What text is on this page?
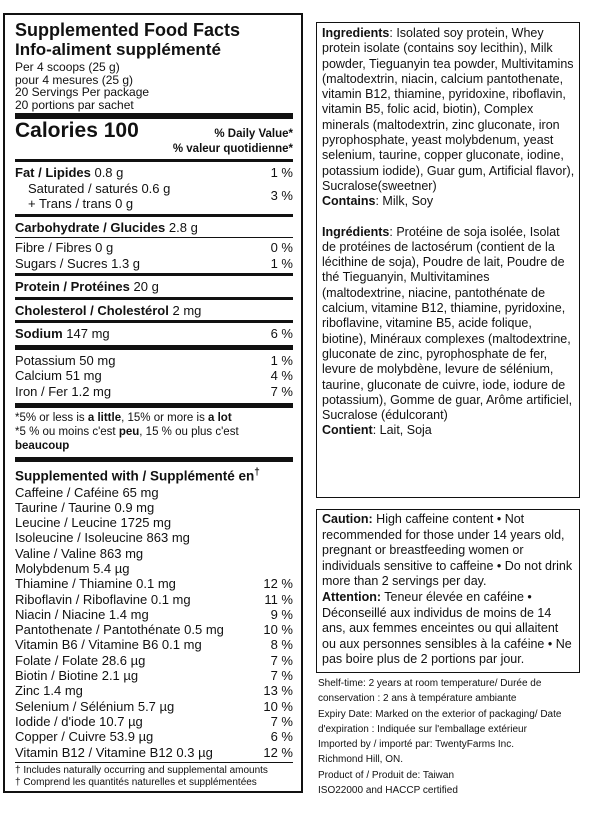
Supplemented Food Facts
Info-aliment supplémenté
Per 4 scoops (25 g)
pour 4 mesures (25 g)
20 Servings Per package
20 portions par sachet
Calories 100	% Daily Value*
% valeur quotidienne*
Fat / Lipides 0.8 g	1 %
Saturated / saturés 0.6 g
+ Trans / trans 0 g
3 %
Carbohydrate / Glucides 2.8 g
Fibre / Fibres 0 g	0 %
Sugars / Sucres 1.3 g	1 %
Protein / Protéines 20 g
Cholesterol / Cholestérol 2 mg
Sodium 147 mg	6 %
Potassium 50 mg	1 %
Calcium 51 mg	4 %
Iron / Fer 1.2 mg	7 %
*5% or less is a little, 15% or more is a lot
*5 % ou moins c'est peu, 15 % ou plus c'est beaucoup
Supplemented with / Supplémenté en†
Caffeine / Caféine 65 mg
Taurine / Taurine 0.9 mg
Leucine / Leucine 1725 mg
Isoleucine / Isoleucine 863 mg
Valine / Valine 863 mg
Molybdenum 5.4 µg
Thiamine / Thiamine 0.1 mg	12 %
Riboflavin / Riboflavine 0.1 mg	11 %
Niacin / Niacine 1.4 mg	9 %
Pantothenate / Pantothénate 0.5 mg	10 %
Vitamin B6 / Vitamine B6 0.1 mg	8 %
Folate / Folate 28.6 µg	7 %
Biotin / Biotine 2.1 µg	7 %
Zinc 1.4 mg	13 %
Selenium / Sélénium 5.7 µg	10 %
Iodide / d'iode 10.7 µg	7 %
Copper / Cuivre 53.9 µg	6 %
Vitamin B12 / Vitamine B12 0.3 µg	12 %
† Includes naturally occurring and supplemental amounts
† Comprend les quantités naturelles et supplémentées

Ingredients: Isolated soy protein, Whey protein isolate (contains soy lecithin), Milk powder, Tieguanyin tea powder, Multivitamins (maltodextrin, niacin, calcium pantothenate, vitamin B12, thiamine, pyridoxine, riboflavin, vitamin B5, folic acid, biotin), Complex minerals (maltodextrin, zinc gluconate, iron pyrophosphate, yeast molybdenum, yeast selenium, taurine, copper gluconate, iodine, potassium iodide), Guar gum, Artificial flavor), Sucralose(sweetner)

Contains: Milk, Soy

Ingrédients: Protéine de soja isolée, Isolat de protéines de lactosérum (contient de la lécithine de soja), Poudre de lait, Poudre de thé Tieguanyin, Multivitamines (maltodextrine, niacine, pantothénate de calcium, vitamine B12, thiamine, pyridoxine, riboflavine, vitamine B5, acide folique, biotine), Minéraux complexes (maltodextrine, gluconate de zinc, pyrophosphate de fer, levure de molybdène, levure de sélénium, taurine, gluconate de cuivre, iode, iodure de potassium), Gomme de guar, Arôme artificiel, Sucralose (édulcorant)

Contient: Lait, Soja

Caution: High caffeine content • Not recommended for those under 14 years old, pregnant or breastfeeding women or individuals sensitive to caffeine • Do not drink more than 2 servings per day.

Attention: Teneur élevée en caféine • Déconseillé aux individus de moins de 14 ans, aux femmes enceintes ou qui allaitent ou aux personnes sensibles à la caféine • Ne pas boire plus de 2 portions par jour.

Shelf-time: 2 years at room temperature/ Durée de
conservation : 2 ans à température ambiante
Expiry Date: Marked on the exterior of packaging/ Date
d'expiration : Indiquée sur l'emballage extérieur
Imported by / importé par: TwentyFarms Inc.
Richmond Hill, ON.
Product of / Produit de: Taiwan
ISO22000 and HACCP certified
